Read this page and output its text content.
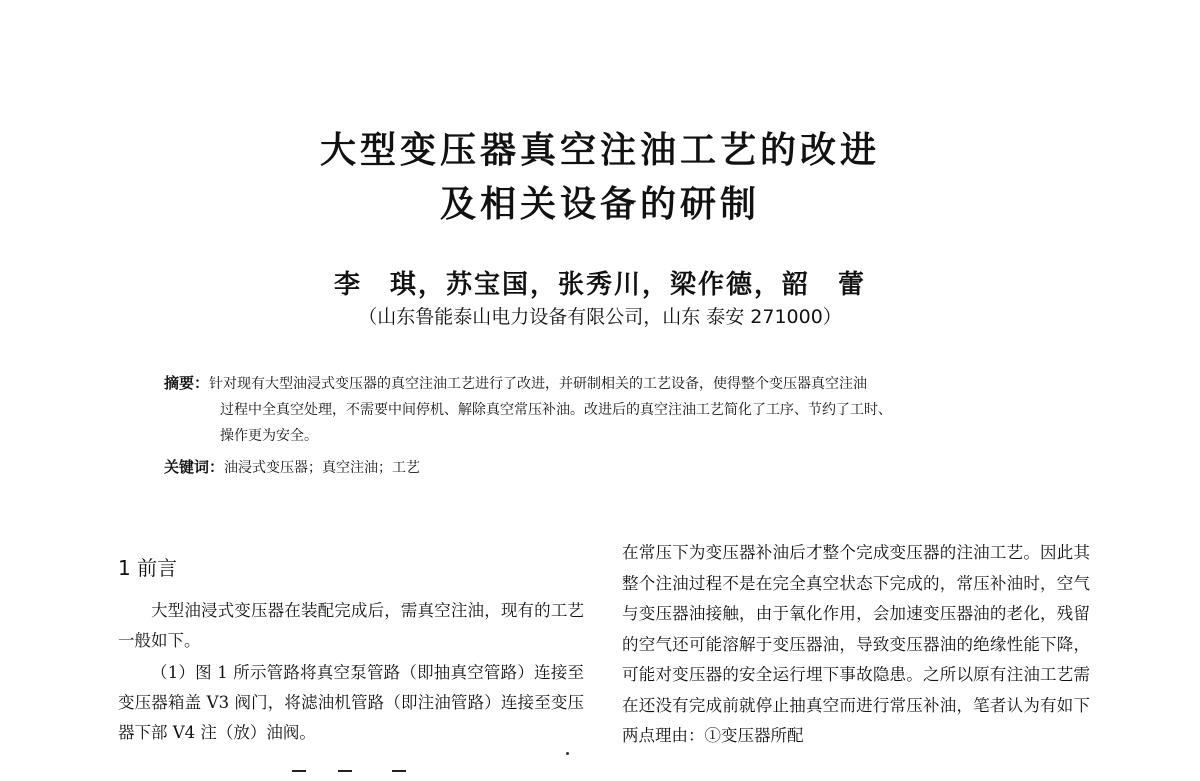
大型变压器真空注油工艺的改进
及相关设备的研制
李　琪，苏宝国，张秀川，梁作德，韶　蕾
（山东鲁能泰山电力设备有限公司，山东 泰安 271000）
摘要：针对现有大型油浸式变压器的真空注油工艺进行了改进，并研制相关的工艺设备，使得整个变压器真空注油
过程中全真空处理，不需要中间停机、解除真空常压补油。改进后的真空注油工艺简化了工序、节约了工时、
操作更为安全。
关键词：油浸式变压器；真空注油；工艺
1 前言

大型油浸式变压器在装配完成后，需真空注油，现有的工艺一般如下。

（1）图 1 所示管路将真空泵管路（即抽真空管路）连接至变压器箱盖 V3 阀门，将滤油机管路（即注油管路）连接至变压器下部 V4 注（放）油阀。

在常压下为变压器补油后才整个完成变压器的注油工艺。因此其整个注油过程不是在完全真空状态下完成的，常压补油时，空气与变压器油接触，由于氧化作用，会加速变压器油的老化，残留的空气还可能溶解于变压器油，导致变压器油的绝缘性能下降，可能对变压器的安全运行埋下事故隐患。之所以原有注油工艺需在还没有完成前就停止抽真空而进行常压补油，笔者认为有如下两点理由：①变压器所配
